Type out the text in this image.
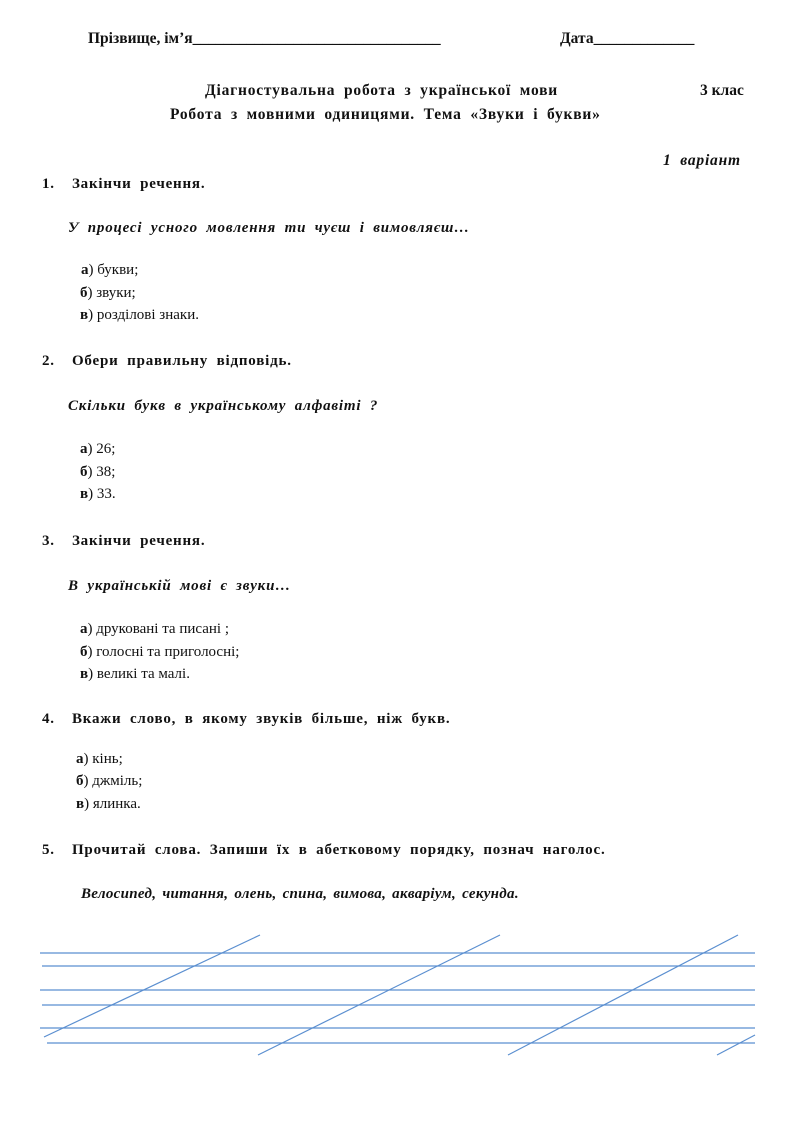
Прізвище, ім’я________________________________	Дата_____________
Діагностувальна робота з української мови	3 клас
Робота з мовними одиницями. Тема «Звуки і букви»
1 варіант
1. Закінчи речення.
У процесі усного мовлення ти чуєш і вимовляєш…
а) букви;
б) звуки;
в) розділові знаки.
2. Обери правильну відповідь.
Скільки букв в українському алфавіті ?
а) 26;
б) 38;
в) 33.
3. Закінчи речення.
В українській мові є звуки…
а) друковані та писані ;
б) голосні та приголосні;
в) великі та малі.
4. Вкажи слово, в якому звуків більше, ніж букв.
а) кінь;
б) джміль;
в) ялинка.
5. Прочитай слова. Запиши їх в абетковому порядку, познач наголос.
Велосипед, читання, олень, спина, вимова, акваріум, секунда.
